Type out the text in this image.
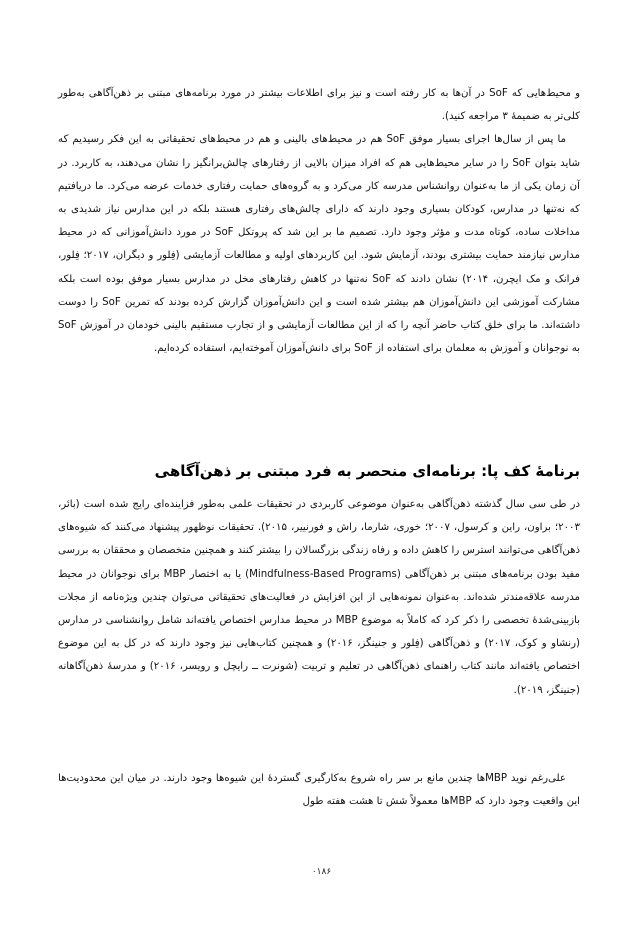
و محیط‌هایی که SoF در آن‌ها به کار رفته است و نیز برای اطلاعات بیشتر در مورد برنامه‌های مبتنی بر ذهن‌آگاهی به‌طور کلی‌تر به ضمیمهٔ ۳ مراجعه کنید).

ما پس از سال‌ها اجرای بسیار موفق SoF هم در محیط‌های بالینی و هم در محیط‌های تحقیقاتی به این فکر رسیدیم که شاید بتوان SoF را در سایر محیط‌هایی هم که افراد میزان بالایی از رفتارهای چالش‌برانگیز را نشان می‌دهند، به کاربرد. در آن زمان یکی از ما به‌عنوان روانشناس مدرسه کار می‌کرد و به گروه‌های حمایت رفتاری خدمات عرضه می‌کرد. ما دریافتیم که نه‌تنها در مدارس، کودکان بسیاری وجود دارند که دارای چالش‌های رفتاری هستند بلکه در این مدارس نیاز شدیدی به مداخلات ساده، کوتاه مدت و مؤثر وجود دارد. تصمیم ما بر این شد که پروتکل SoF در مورد دانش‌آموزانی که در محیط مدارس نیازمند حمایت بیشتری بودند، آزمایش شود. این کاربردهای اولیه و مطالعات آزمایشی (فِلور و دیگران، ۲۰۱۷؛ فِلور، فرانک و مک ایچرن، ۲۰۱۴) نشان دادند که SoF نه‌تنها در کاهش رفتارهای مخل در مدارس بسیار موفق بوده است بلکه مشارکت آموزشی این دانش‌آموزان هم بیشتر شده است و این دانش‌آموزان گزارش کرده بودند که تمرین SoF را دوست داشته‌اند. ما برای خلق کتاب حاضر آنچه را که از این مطالعات آزمایشی و از تجارب مستقیم بالینی خودمان در آموزش SoF به نوجوانان و آموزش به معلمان برای استفاده از SoF برای دانش‌آموزان آموخته‌ایم، استفاده کرده‌ایم.

برنامهٔ کف پا: برنامه‌ای منحصر به فرد مبتنی بر ذهن‌آگاهی

در طی سی سال گذشته ذهن‌آگاهی به‌عنوان موضوعی کاربردی در تحقیقات علمی به‌طور فزاینده‌ای رایج شده است (بائر، ۲۰۰۳؛ براون، راین و کرسول، ۲۰۰۷؛ خوری، شارما، راش و فورنییر، ۲۰۱۵). تحقیقات نوظهور پیشنهاد می‌کنند که شیوه‌های ذهن‌آگاهی می‌توانند استرس را کاهش داده و رفاه زندگی بزرگسالان را بیشتر کنند و همچنین متخصصان و محققان به بررسی مفید بودن برنامه‌های مبتنی بر ذهن‌آگاهی (Mindfulness-Based Programs) یا به اختصار MBP برای نوجوانان در محیط مدرسه علاقه‌مندتر شده‌اند. به‌عنوان نمونه‌هایی از این افزایش در فعالیت‌های تحقیقاتی می‌توان چندین ویژه‌نامه از مجلات بازبینی‌شدهٔ تخصصی را ذکر کرد که کاملاً به موضوع MBP در محیط مدارس اختصاص یافته‌اند شامل روانشناسی در مدارس (رنشاو و کوک، ۲۰۱۷) و ذهن‌آگاهی (فِلور و جنینگز، ۲۰۱۶) و همچنین کتاب‌هایی نیز وجود دارند که در کل به این موضوع اختصاص یافته‌اند مانند کتاب راهنمای ذهن‌آگاهی در تعلیم و تربیت (شونرت ــ رایچل و رویسر، ۲۰۱۶) و مدرسهٔ ذهن‌آگاهانه (جنینگز، ۲۰۱۹).

علی‌رغم نوید MBPها چندین مانع بر سر راه شروع به‌کارگیری گستردهٔ این شیوه‌ها وجود دارند. در میان این محدودیت‌ها این واقعیت وجود دارد که MBPها معمولاً شش تا هشت هفته طول

۰۱۸۶
